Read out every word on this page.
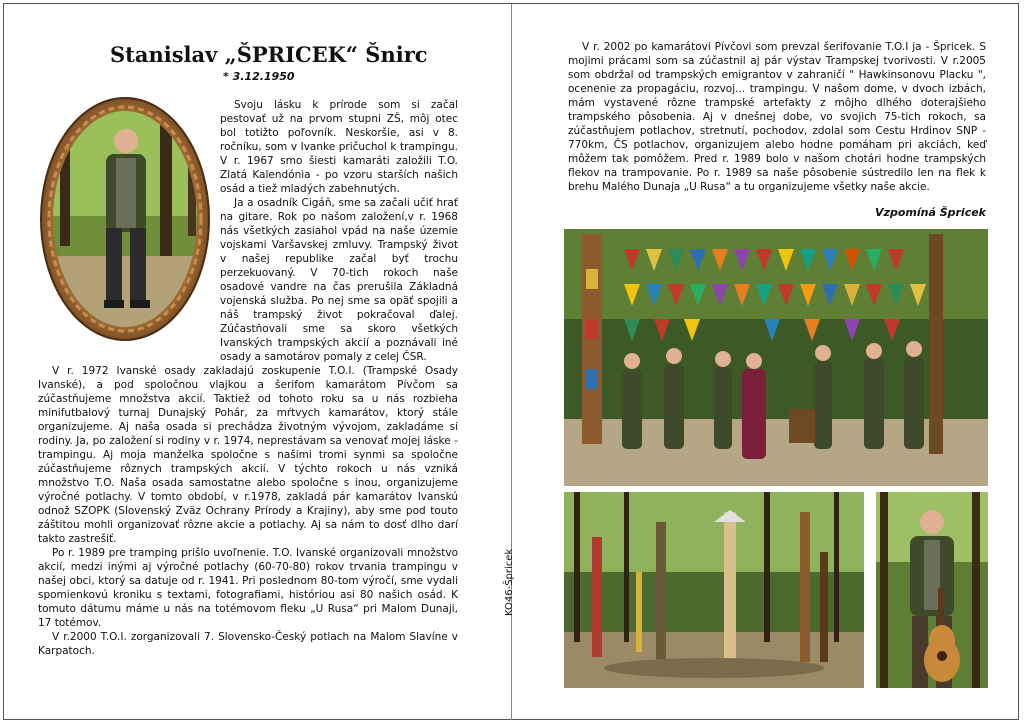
Stanislav „ŠPRICEK“ Šnirc
* 3.12.1950

Svoju lásku k prírode som si začal pestovať už na prvom stupni ZŠ, môj otec bol totižto poľovník. Neskoršie, asi v 8. ročníku, som v Ivanke pričuchol k trampingu. V r. 1967 smo šiesti kamaráti založili T.O. Zlatá Kalendónia - po vzoru starších našich osád a tiež mladých zabehnutých.

Ja a osadník Cigáň, sme sa začali učiť hrať na gitare. Rok po našom založení,v r. 1968 nás všetkých zasiahol vpád na naše územie vojskami Varšavskej zmluvy. Trampský život v našej republike začal byť trochu perzekuovaný. V 70-tich rokoch naše osadové vandre na čas prerušila Základná vojenská služba. Po nej sme sa opäť spojili a náš trampský život pokračoval ďalej. Zúčastňovali sme sa skoro všetkých Ivanských trampských akcií a poznávali iné osady a samotárov pomaly z celej ČSR.

V r. 1972 Ivanské osady zakladajú zoskupenie T.O.I. (Trampské Osady Ivanské), a pod spoločnou vlajkou a šerifom kamarátom Pívčom sa zúčastňujeme množstva akcií. Taktiež od tohoto roku sa u nás rozbieha minifutbalový turnaj Dunajský Pohár, za mŕtvych kamarátov, ktorý stále organizujeme. Aj naša osada si prechádza životným vývojom, zakladáme si rodiny. Ja, po založení si rodiny v r. 1974, neprestávam sa venovať mojej láske - trampingu. Aj moja manželka spoločne s našimi tromi synmi sa spoločne zúčastňujeme rôznych trampských akcií. V týchto rokoch u nás vzniká množstvo T.O. Naša osada samostatne alebo spoločne s inou, organizujeme výročné potlachy. V tomto období, v r.1978, zakladá pár kamarátov Ivanskú odnož SZOPK (Slovenský Zväz Ochrany Prírody a Krajiny), aby sme pod touto záštitou mohli organizovať rôzne akcie a potlachy. Aj sa nám to dosť dlho darí takto zastrešiť.

Po r. 1989 pre tramping prišlo uvoľnenie. T.O. Ivanské organizovali množstvo akcií, medzi inými aj výročné potlachy (60-70-80) rokov trvania trampingu v našej obci, ktorý sa datuje od r. 1941. Pri poslednom 80-tom výročí, sme vydali spomienkovú kroniku s textami, fotografiami, históriou asi 80 našich osád. K tomuto dátumu máme u nás na totémovom fleku „U Rusa“ pri Malom Dunaji, 17 totémov.

V r.2000 T.O.I. zorganizovali 7. Slovensko-Český potlach na Malom Slavíne v Karpatoch.

KO46-Špricek

V r. 2002 po kamarátovi Pívčovi som prevzal šerifovanie T.O.I ja - Špricek. S mojimi prácami som sa zúčastnil aj pár výstav Trampskej tvorivosti. V r.2005 som obdržal od trampských emigrantov v zahraničí " Hawkinsonovu Placku ", ocenenie za propagáciu, rozvoj... trampingu. V našom dome, v dvoch izbách, mám vystavené rôzne trampské artefakty z môjho dlhého doterajšieho trampského pôsobenia. Aj v dnešnej dobe, vo svojich 75-tich rokoch, sa zúčastňujem potlachov, stretnutí, pochodov, zdolal som Cestu Hrdinov SNP - 770km, ČS potlachov, organizujem alebo hodne pomáham pri akciách, keď môžem tak pomôžem. Pred r. 1989 bolo v našom chotári hodne trampských flekov na trampovanie. Po r. 1989 sa naše pôsobenie sústredilo len na flek k brehu Malého Dunaja „U Rusa“ a tu organizujeme všetky naše akcie.

Vzpomíná Špricek
